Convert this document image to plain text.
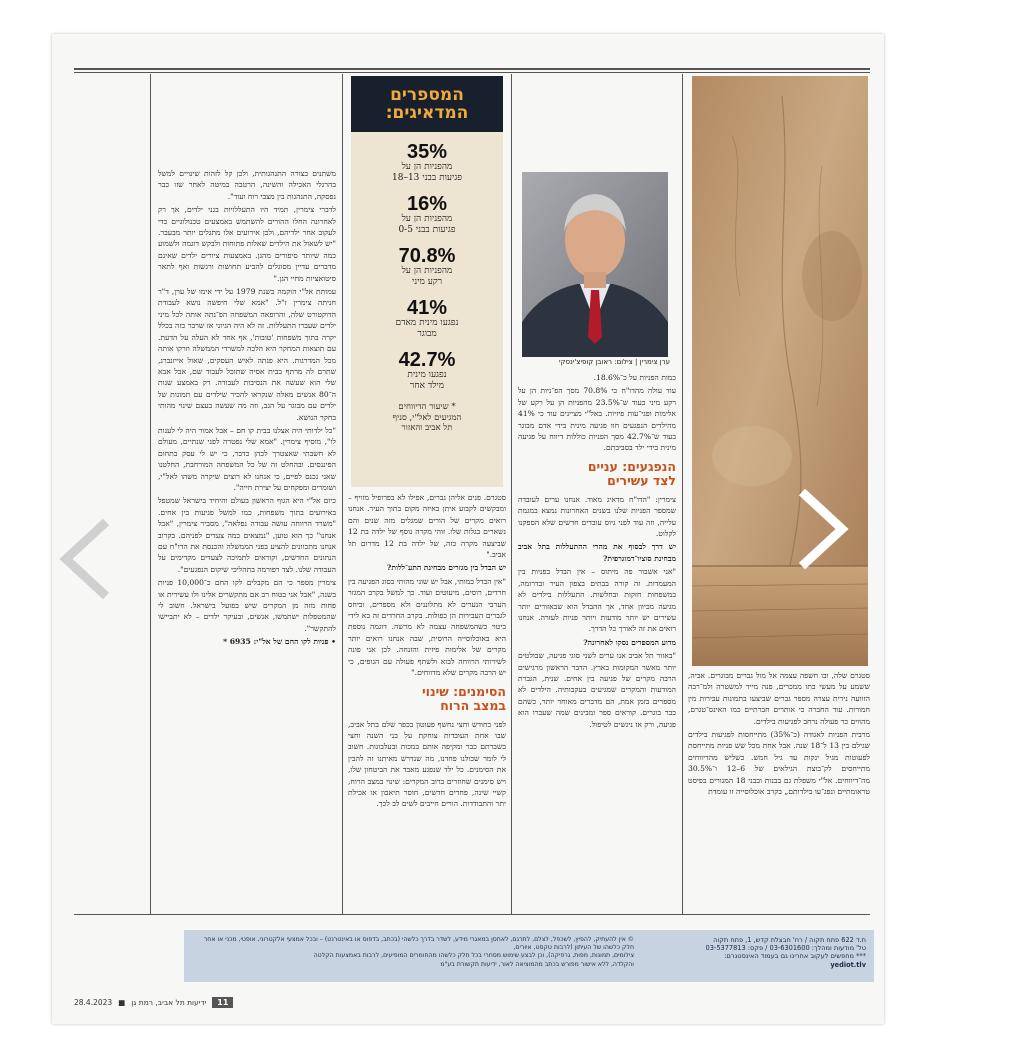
סטגרם שלה, ובו חשפה עצמה אל מול גברים מבוגרים. אביה, ששמע על מעשי בתו ממכרים, פנה מייד למשטרה ולמ־רבה הזוועה נירית עצרה מספר גברים שביצעו בתמונות עבירות מין חמורות. עוד החברה כי אותרים חברתיים כמו האינס־טגרם, מהווים כר פעולה נרחב לפגיעות בילדים.

מרבית הפניות לאגודה (כ־35%) מתייחסות לפגיעות בילדים שגילם בין 13 ל־18 שנה. אבל אחת מכל שש פניות מתייחסת לפעוטות מגיל ינקות עד גיל חמש. כשליש מהדיווחים מתייחסים לק־בוצת הגילאים של 6–12 ו־30.5% מה־דיווחים. אל"י משפלת גם בבנות ובבני 18 המגורים בפיסט טראומתיים ונפג־עו בילדותם„ בקרב אוכלוסייה זו עומדת

ערן צימרין | צילום: ראובן קופיצ'ינסקי

כמות הפניות על כ־18.6%.

עוד עולה מהדו"ח כי 70.8% מסך הפ־ניות הן על רקע מיני בעוד ש־23.5% מהפניות הן על רקע של אלימות ופגי־עות פיזיות. באל"י מציינים עוד כי 41% מהילדים הנפגעים חוו פגיעה מינית בידי אדם מבוגר בעוד ש־42.7% מסך הפניות כוללות דיווח על פגיעה מינית בידי ילד בסביבתם.

הנפגעים: עניים
לצד עשירים

צימרין: "הדו"ח מדאיג מאוד. אנחנו ערים לעובדה שמספר הפניות שלנו בשנים האחרונות נמצא במגמת עלייה, וזה עוד לפני גיוס עובדים חדשים שלא הספקנו לקלוט.

יש דרך לבסוף את מהרי ההתעללות בתל אביב מבחינת סוציו־דמוגרפית?

"אני אשבור פה מיתוס – אין הבדל בפניות בין המעמדות. זה קורה בבתים בצפון העיר ובדרומה, במשפחות חזקות ובחלשות. התעללות בילדים לא מגיעה מכיוון אחד, אך ההבדל הוא שבאזורים יותר עשירים יש יותר מודעות ויותר פניות לעזרה. אנחנו רואים את זה לאורך כל הדרך.

מדוע המספרים נסקו לאחרונה?

"באזור תל אביב אנו ערים לשני סוגי פגיעה, שבולטים יותר מאשר המקומות בארץ. הדבר הראשון מרגישים הרבה מקרים של פגיעה בין אחים. שנית, הגברת המודעות והמקרים שמגיעים בעקבותיה. הילדים לא מספרים בזמן אמת, הם מדברים מאוחר יותר, כשהם כבר בוגרים. קוראים ספר ומבינים שמה שעברו הוא פגיעה, ורק אז ניגשים לטיפול.

המספרים
המדאיגים:
35%
מהפניות הן על
פגיעות בבני 13–18
16%
מהפניות הן על
פגיעות בבני 0-5
70.8%
מהפניות הן על
רקע מיני
41%
נפגעו מינית מאדם
מבוגר
42.7%
נפגעו מינית
מילד אחר
* שיעור הדיווחים
המגיעים לאל"י, סניף
תל אביב והאזור

סטגרם. פנים אליהן גברים, אפילו לא בפרופיל מזויף – ומבקשים לקבוע איתן באיזה מקום בתוך העיר. אנחנו רואים מקרים של הורים שמגלים מזה שנים והם נשארים בגלות שלו. זוהי מקרה נוסף של ילדה בת 12 שביצעה מקרה כזה, של ילדה בת 12 מדרום תל אביב."

יש הבדל בין מגזרים מבחינת התע־ללות?

"אין הבדל כמותי, אבל יש שוני מהותי בסוג הפגיעה בין חרדים, רוסים, מיעוטים ועוד. כך למשל בקרב המגזר הערבי הנערים לא מתלוננים ולא מספרים, וביחס לגברים העבירות הן כפולות. בקרב החרדים זה בא לידי ביטוי כשהמשפחה עצמה לא מרשה. דוגמה נוספת היא באוכלוסייה הרוסית, שבה אנחנו רואים יותר מקרים של אלימות פיזית והזנחה. לכן אני פונה לשירותי הרווחה לבוא ולשתף פעולה עם הגופים, כי יש הרבה מקרים שלא מדווחים."

הסימנים: שינוי
במצב הרוח

לפני כחודש וחצי נחשף פעוטון בכפר שלם בתל אביב, שבו אחת העובדות צוחקת על בני השנה וחצי בשברתם כבר ומקיפה אותם במכות ובעלבונות. חשוב לי לומר שכולנו פחדנו, מה שנדרש מאיתנו זה להבין את הסימנים. כל ילד שנפגע מאבד את הביטחון שלו, ויש סימנים שחוזרים ברוב המקרים: שינוי במצב הרוח, קשיי שינה, פחדים חדשים, חוסר תיאבון או אכילת יתר והתבודדות. הורים חייבים לשים לב לכך.

משתנים בצורה התנהגותית, ולכן קל לזהות שינויים למשל בהרגלי האכילה והשינה, הרטבה במיטה לאחר שזו כבר נפסקה, התנהגות בין מצבי רוח ועוד".

לדברי צימרין, תמיד היו התעללויות בגני ילדים, אך רק לאחרונה החלו ההורים להשתמש באמצעים טכנולוגיים כדי לעקוב אחר ילדיהם, ולכן אירועים אלו מתגלים יותר מבעבר. "יש לשאול את הילדים שאלות פתוחות ולבקש דוגמה ולשמוע כמה שיותר סיפורים מהגן. באמצעות ציורים ילדים שאינם מדברים עדיין מסוגלים להביע תחושות ורגשות ואף לתאר סיטואציות מחיי הגן."

עמותת אל"י הוקמה בשנת 1979 על ידי אימו של ערן, ד"ר חניתה צימרין ז"ל. "אמא שלי חיפשה נושא לעבודת הדוקטורט שלה, והרופאה המשפחה הפ־נתה אותה לכל מיני ילדים שעברו התעללות. זה לא היה הגיוני אז שרבר כזה בכלל יקרה בתוך משפחות 'טובות', אף אחד לא העלה על הדעת. עם תוצאות המחקר היא הלכה למשרדי הממשלה וזרקו אותה מכל המדרגות. היא פנתה לאיש העסקים, שאול אייזנברג, שתרם לה מרתף בבית אסיה שתוכל לעבוד שם, אבל אבא שלי הוא שעשה את הנסיבות לעבודה. רק באמצע שנות ה־80 אנשים מאלה שנקראו להכיר שילדים עם תמונות של ילדים עם מבוגר על הגב, וזה מה שעשה בעצם שינוי מהותי בחקר הנושא.

"כל ילדותי היה אצלנו בבית קו חם – אבל אמור היה לי לענות לו", מוסיף צימרין. "אמא שלי נפטרה לפני שנתיים, מעולם לא חשבתי שאצטרך לכהן כדבר, כי יש לי עסק בתחום הפיננסים. ובהחלט זה של כל המשפחה המורחבת, החלטנו שאני נכנס לפיים, כי אנחנו לא רוצים שיקרה משהו לאל"י, ושומרים ומפקחים על יצירת חייה".

כיום אל"י היא הגוף הראשון בעולם והיחיד בישראל שמטפל באירועים בתוך משפחות, כמו למשל פגיעות בין אחים. "משרד הרווחה עושה עבודה נפלאה", מסביר צימרין, "אבל אנחנו" כך הוא טוען, "נמצאים כמה צעדים לפניהם. בקרוב אנחנו מתכוונים להציע בפני הממשלה והכנסת את הדו"ח עם הנתונים החדשים, וקוראים לתמיכה לצעדים מקדימים על העבודה שלנו. לצד רפורמה בתהליכי שיקום הנפגעים".

צימרין מספר כי הם מקבלים לקו החם כ־10,000 פניות בשנה, "אבל אני בטוח רב אם מתקשרים אלינו ולו עשירית או פחות מזה מן המקרים שיש בפועל בישראל. חשוב לי שהמטפלות ישתמשו, אנשים, ובעיקר ילדים – לא יתביישו להתקשר".

• פניות לקו החם של אל"י: 6935 *

ת.ד 622 פתח תקוה / רח' חבצלת קדש, 1, פתח תקוה
טל' מודעות ומהלך: 03-6301600 / פקס: 03-5377813
*** מחפשים לעקוב אחרינו גם בעמוד האינסטגרם:
yediot.tlv
© אין להעתיק, להפיץ, לשכפל, לצלם, לתרגם, לאחסן במאגרי מידע, לשדר בדרך כלשהי (בכתב, בדפוס או באינטרנט) – ובכל אמצעי אלקטרוני, אופטי, מכני או אחר חלק כלשהו של העיתון (לרבות טקסט, איורים,
צילומים, תמונות, מפות, גרפיקה), וכן לבצע שימוש מסחרי בכל חלק כלשהו מהחומרים המופיעים, לרבות באמצעות הקלטה
והקלדה, ללא אישור מפורש בכתב מהמוציאה לאור, ידיעות תקשורת בע"מ
11
ידיעות תל אביב, רמת גן
■
28.4.2023
